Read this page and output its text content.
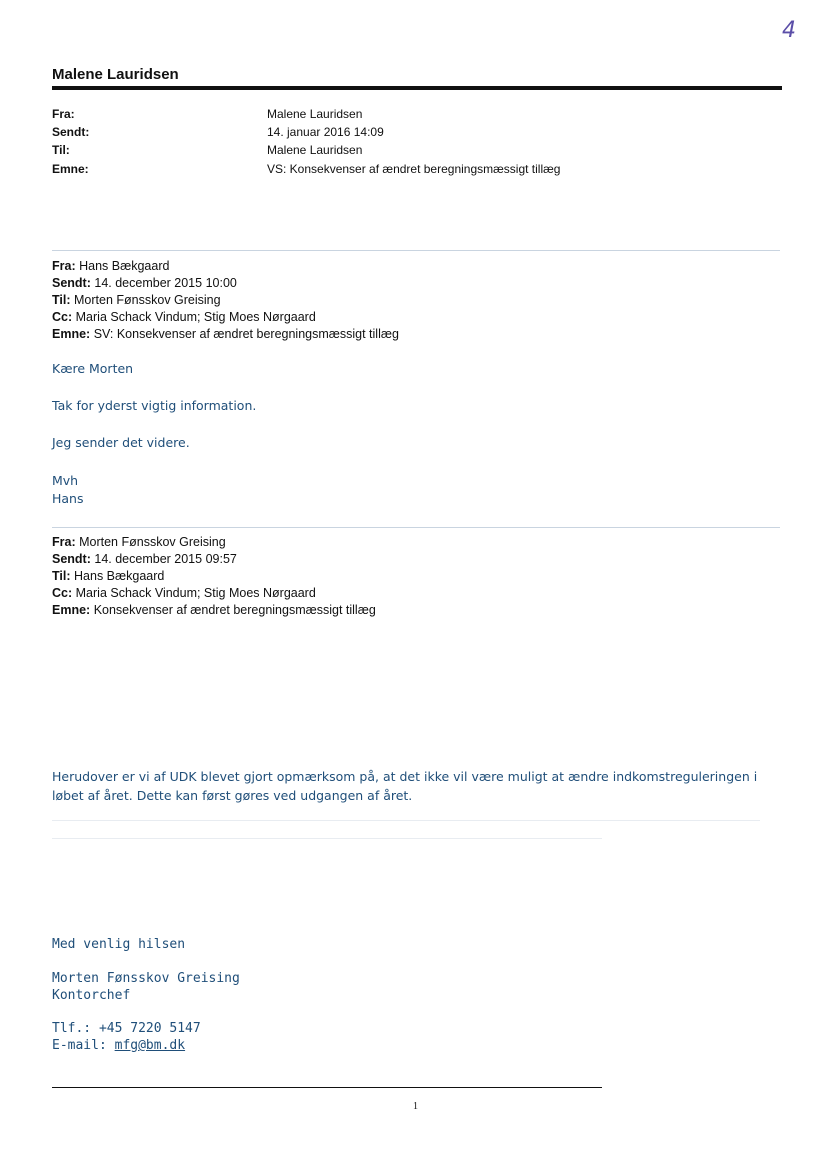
4
Malene Lauridsen
Fra:	Malene Lauridsen
Sendt:	14. januar 2016 14:09
Til:	Malene Lauridsen
Emne:	VS: Konsekvenser af ændret beregningsmæssigt tillæg
Fra: Hans Bækgaard
Sendt: 14. december 2015 10:00
Til: Morten Fønsskov Greising
Cc: Maria Schack Vindum; Stig Moes Nørgaard
Emne: SV: Konsekvenser af ændret beregningsmæssigt tillæg
Kære Morten
Tak for yderst vigtig information.
Jeg sender det videre.
Mvh
Hans
Fra: Morten Fønsskov Greising
Sendt: 14. december 2015 09:57
Til: Hans Bækgaard
Cc: Maria Schack Vindum; Stig Moes Nørgaard
Emne: Konsekvenser af ændret beregningsmæssigt tillæg
Herudover er vi af UDK blevet gjort opmærksom på, at det ikke vil være muligt at ændre indkomstreguleringen i løbet af året. Dette kan først gøres ved udgangen af året.
Med venlig hilsen
Morten Fønsskov Greising
Kontorchef
Tlf.: +45 7220 5147
E-mail: mfg@bm.dk
1
